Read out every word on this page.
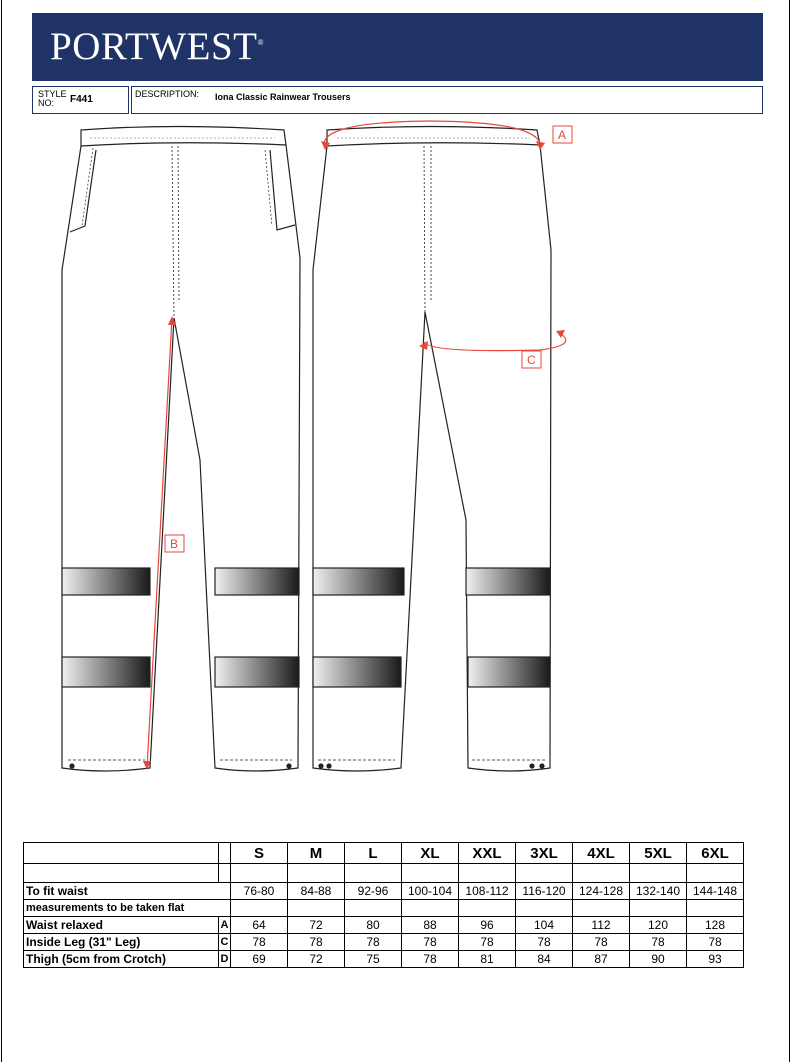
PORTWEST®
STYLE NO:	F441	DESCRIPTION: Iona Classic Rainwear Trousers
A
B
C
		S	M	L	XL	XXL	3XL	4XL	5XL	6XL

To fit waist		76-80	84-88	92-96	100-104	108-112	116-120	124-128	132-140	144-148
measurements to be taken flat										
Waist relaxed	A	64	72	80	88	96	104	112	120	128
Inside Leg (31" Leg)	C	78	78	78	78	78	78	78	78	78
Thigh (5cm from Crotch)	D	69	72	75	78	81	84	87	90	93
